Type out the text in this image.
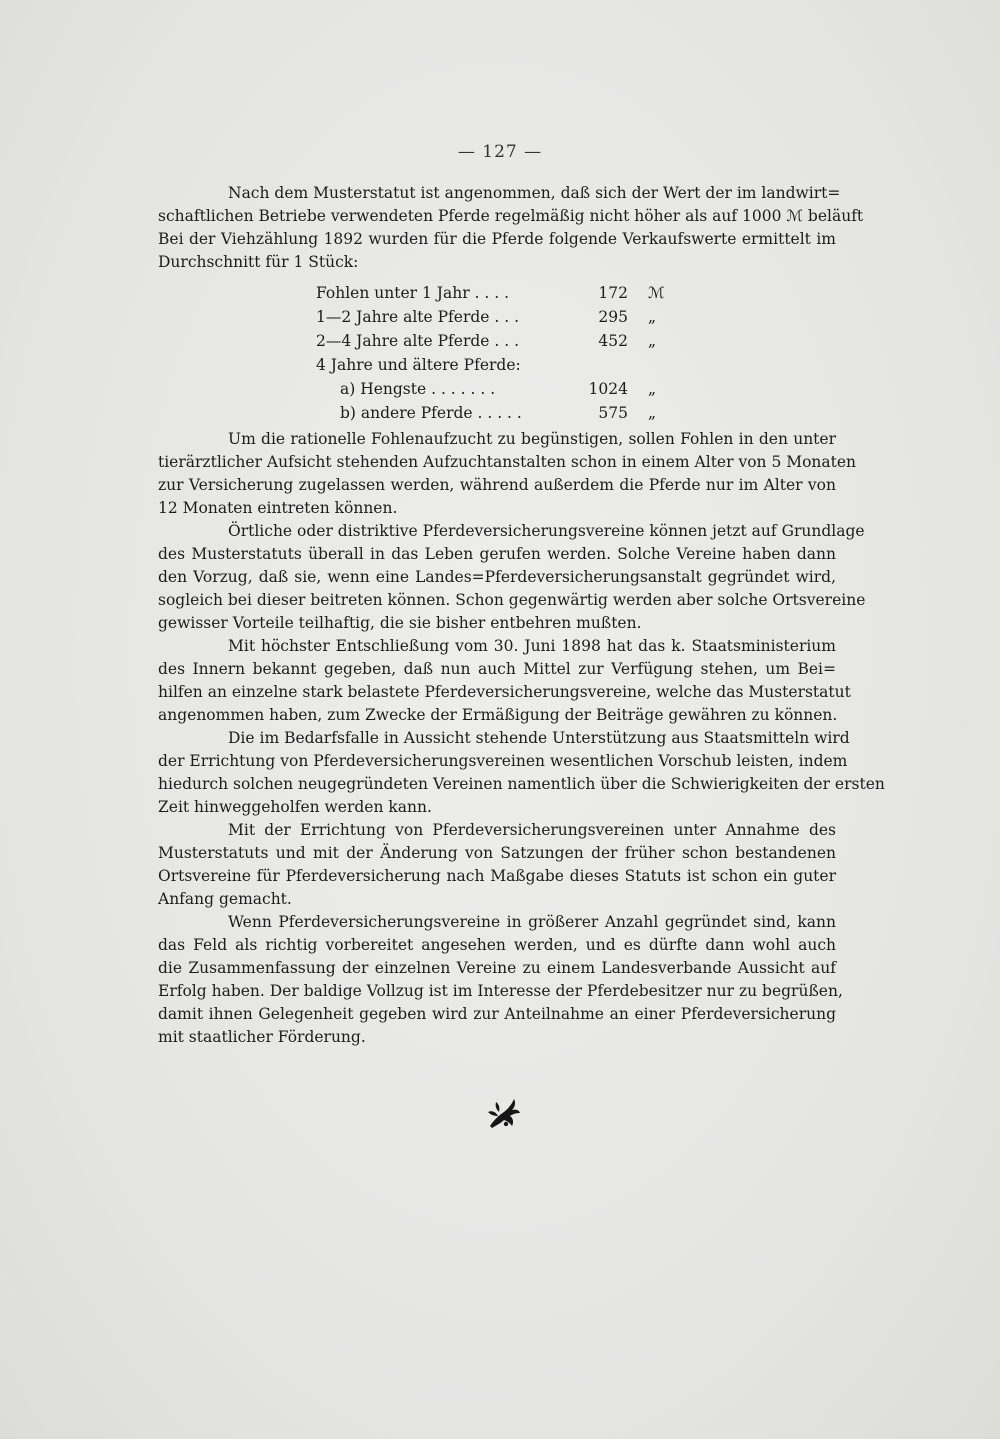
— 127 —
Nach dem Musterstatut ist angenommen, daß sich der Wert der im landwirt=
schaftlichen Betriebe verwendeten Pferde regelmäßig nicht höher als auf 1000 ℳ beläuft
Bei der Viehzählung 1892 wurden für die Pferde folgende Verkaufswerte ermittelt im
Durchschnitt für 1 Stück:
Fohlen unter 1 Jahr . . . .	172 ℳ
1—2 Jahre alte Pferde . . .	295 „
2—4 Jahre alte Pferde . . .	452 „
4 Jahre und ältere Pferde:
a) Hengste . . . . . . .	1024 „
b) andere Pferde . . . . .	575 „
Um die rationelle Fohlenaufzucht zu begünstigen, sollen Fohlen in den unter
tierärztlicher Aufsicht stehenden Aufzuchtanstalten schon in einem Alter von 5 Monaten
zur Versicherung zugelassen werden, während außerdem die Pferde nur im Alter von
12 Monaten eintreten können.
Örtliche oder distriktive Pferdeversicherungsvereine können jetzt auf Grundlage
des Musterstatuts überall in das Leben gerufen werden. Solche Vereine haben dann
den Vorzug, daß sie, wenn eine Landes=Pferdeversicherungsanstalt gegründet wird,
sogleich bei dieser beitreten können. Schon gegenwärtig werden aber solche Ortsvereine
gewisser Vorteile teilhaftig, die sie bisher entbehren mußten.
Mit höchster Entschließung vom 30. Juni 1898 hat das k. Staatsministerium
des Innern bekannt gegeben, daß nun auch Mittel zur Verfügung stehen, um Bei=
hilfen an einzelne stark belastete Pferdeversicherungsvereine, welche das Musterstatut
angenommen haben, zum Zwecke der Ermäßigung der Beiträge gewähren zu können.
Die im Bedarfsfalle in Aussicht stehende Unterstützung aus Staatsmitteln wird
der Errichtung von Pferdeversicherungsvereinen wesentlichen Vorschub leisten, indem
hiedurch solchen neugegründeten Vereinen namentlich über die Schwierigkeiten der ersten
Zeit hinweggeholfen werden kann.
Mit der Errichtung von Pferdeversicherungsvereinen unter Annahme des
Musterstatuts und mit der Änderung von Satzungen der früher schon bestandenen
Ortsvereine für Pferdeversicherung nach Maßgabe dieses Statuts ist schon ein guter
Anfang gemacht.
Wenn Pferdeversicherungsvereine in größerer Anzahl gegründet sind, kann
das Feld als richtig vorbereitet angesehen werden, und es dürfte dann wohl auch
die Zusammenfassung der einzelnen Vereine zu einem Landesverbande Aussicht auf
Erfolg haben. Der baldige Vollzug ist im Interesse der Pferdebesitzer nur zu begrüßen,
damit ihnen Gelegenheit gegeben wird zur Anteilnahme an einer Pferdeversicherung
mit staatlicher Förderung.
